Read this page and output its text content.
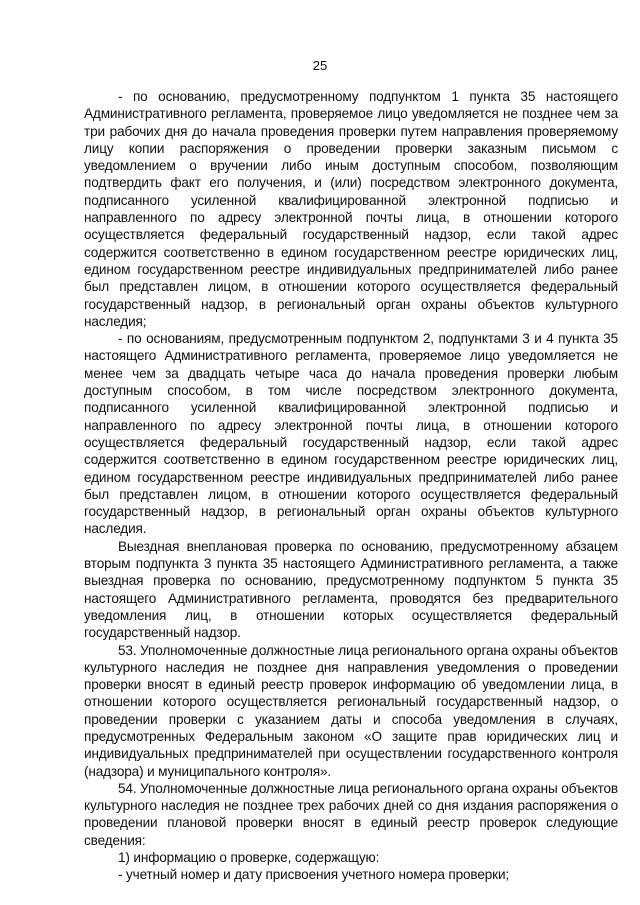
25

- по основанию, предусмотренному подпунктом 1 пункта 35 настоящего Административного регламента, проверяемое лицо уведомляется не позднее чем за три рабочих дня до начала проведения проверки путем направления проверяемому лицу копии распоряжения о проведении проверки заказным письмом с уведомлением о вручении либо иным доступным способом, позволяющим подтвердить факт его получения, и (или) посредством электронного документа, подписанного усиленной квалифицированной электронной подписью и направленного по адресу электронной почты лица, в отношении которого осуществляется федеральный государственный надзор, если такой адрес содержится соответственно в едином государственном реестре юридических лиц, едином государственном реестре индивидуальных предпринимателей либо ранее был представлен лицом, в отношении которого осуществляется федеральный государственный надзор, в региональный орган охраны объектов культурного наследия;

- по основаниям, предусмотренным подпунктом 2, подпунктами 3 и 4 пункта 35 настоящего Административного регламента, проверяемое лицо уведомляется не менее чем за двадцать четыре часа до начала проведения проверки любым доступным способом, в том числе посредством электронного документа, подписанного усиленной квалифицированной электронной подписью и направленного по адресу электронной почты лица, в отношении которого осуществляется федеральный государственный надзор, если такой адрес содержится соответственно в едином государственном реестре юридических лиц, едином государственном реестре индивидуальных предпринимателей либо ранее был представлен лицом, в отношении которого осуществляется федеральный государственный надзор, в региональный орган охраны объектов культурного наследия.

Выездная внеплановая проверка по основанию, предусмотренному абзацем вторым подпункта 3 пункта 35 настоящего Административного регламента, а также выездная проверка по основанию, предусмотренному подпунктом 5 пункта 35 настоящего Административного регламента, проводятся без предварительного уведомления лиц, в отношении которых осуществляется федеральный государственный надзор.

53. Уполномоченные должностные лица регионального органа охраны объектов культурного наследия не позднее дня направления уведомления о проведении проверки вносят в единый реестр проверок информацию об уведомлении лица, в отношении которого осуществляется региональный государственный надзор, о проведении проверки с указанием даты и способа уведомления в случаях, предусмотренных Федеральным законом «О защите прав юридических лиц и индивидуальных предпринимателей при осуществлении государственного контроля (надзора) и муниципального контроля».

54. Уполномоченные должностные лица регионального органа охраны объектов культурного наследия не позднее трех рабочих дней со дня издания распоряжения о проведении плановой проверки вносят в единый реестр проверок следующие сведения:

1) информацию о проверке, содержащую:

- учетный номер и дату присвоения учетного номера проверки;
